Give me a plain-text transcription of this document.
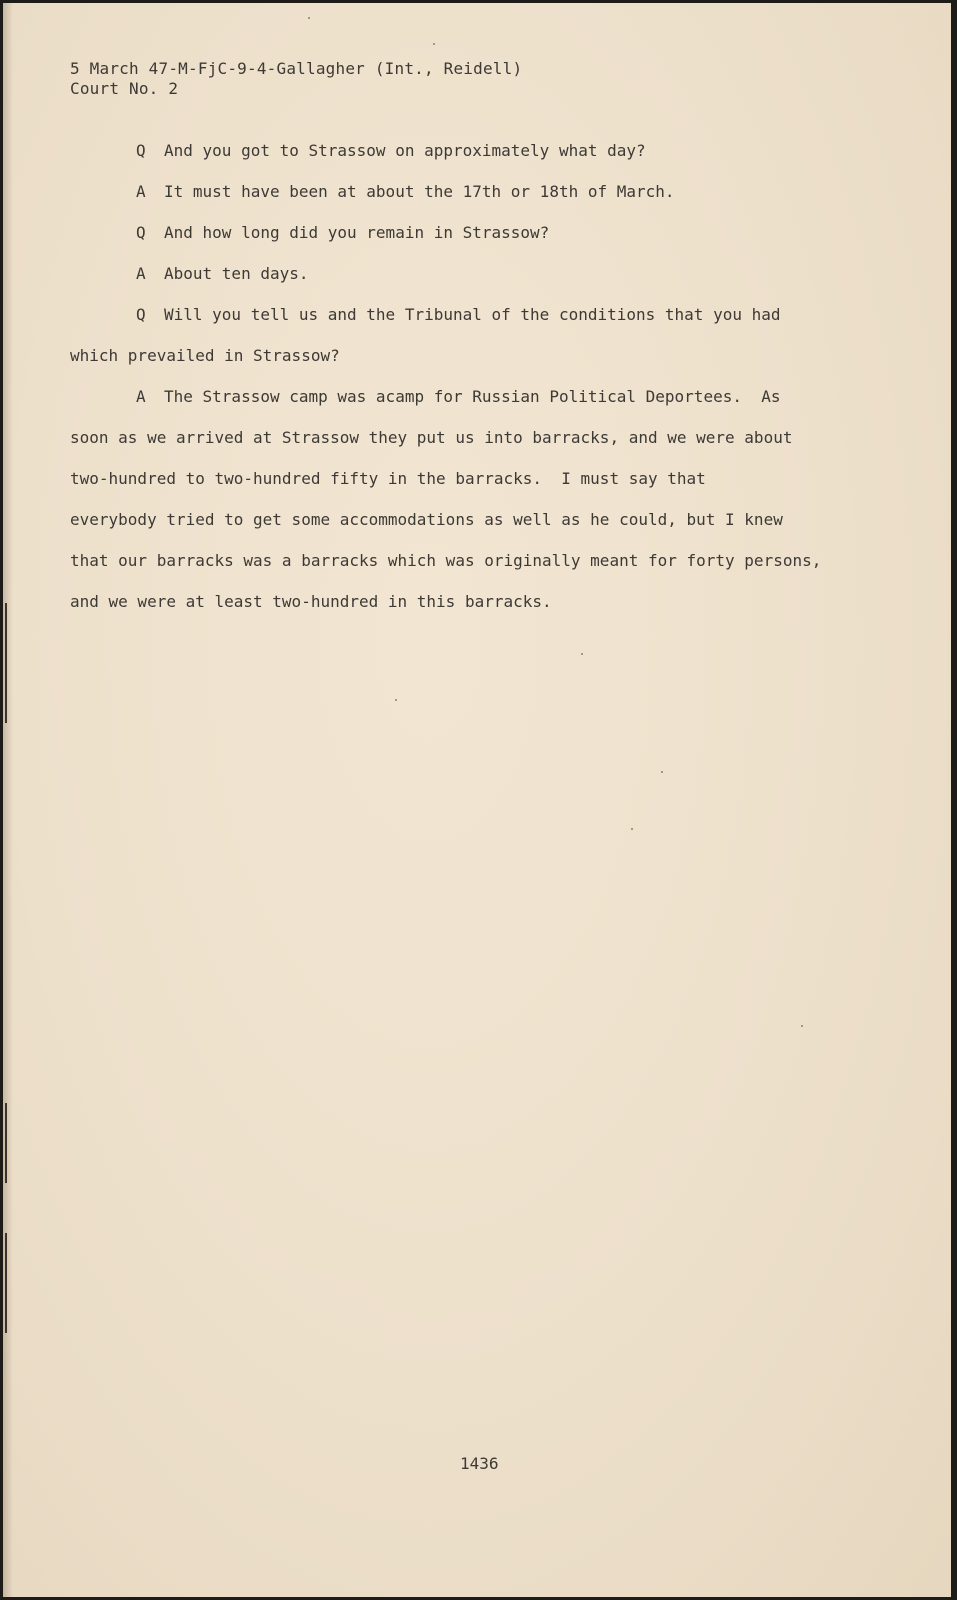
5 March 47-M-FjC-9-4-Gallagher (Int., Reidell)

Court No. 2

Q And you got to Strassow on approximately what day?

A It must have been at about the 17th or 18th of March.

Q And how long did you remain in Strassow?

A About ten days.

Q Will you tell us and the Tribunal of the conditions that you had

which prevailed in Strassow?

A The Strassow camp was acamp for Russian Political Deportees.  As

soon as we arrived at Strassow they put us into barracks, and we were about

two-hundred to two-hundred fifty in the barracks.  I must say that

everybody tried to get some accommodations as well as he could, but I knew

that our barracks was a barracks which was originally meant for forty persons,

and we were at least two-hundred in this barracks.

1436
